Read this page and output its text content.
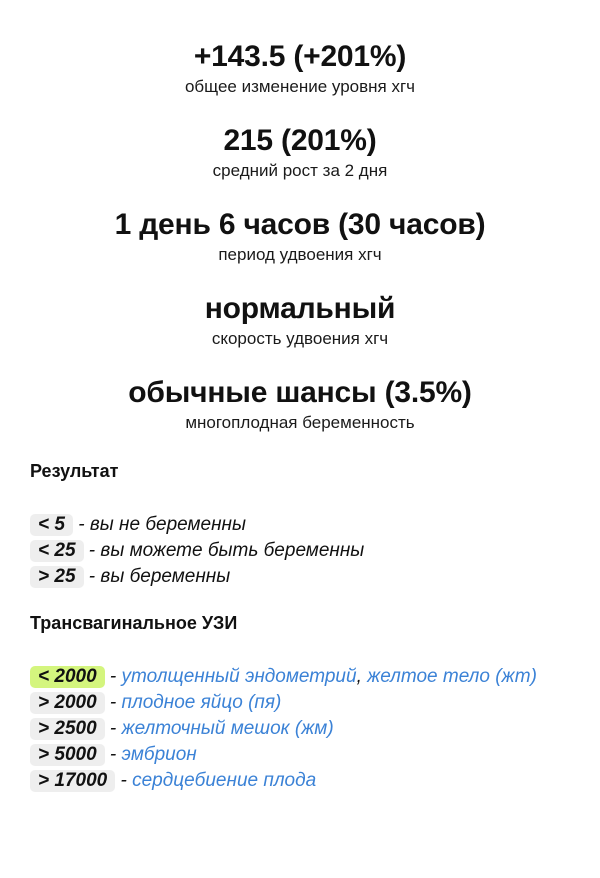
+143.5 (+201%)
общее изменение уровня хгч
215 (201%)
средний рост за 2 дня
1 день 6 часов (30 часов)
период удвоения хгч
нормальный
скорость удвоения хгч
обычные шансы (3.5%)
многоплодная беременность
Результат
< 5 - вы не беременны
< 25 - вы можете быть беременны
> 25 - вы беременны
Трансвагинальное УЗИ
< 2000 - утолщенный эндометрий, желтое тело (жт)
> 2000 - плодное яйцо (пя)
> 2500 - желточный мешок (жм)
> 5000 - эмбрион
> 17000 - сердцебиение плода
